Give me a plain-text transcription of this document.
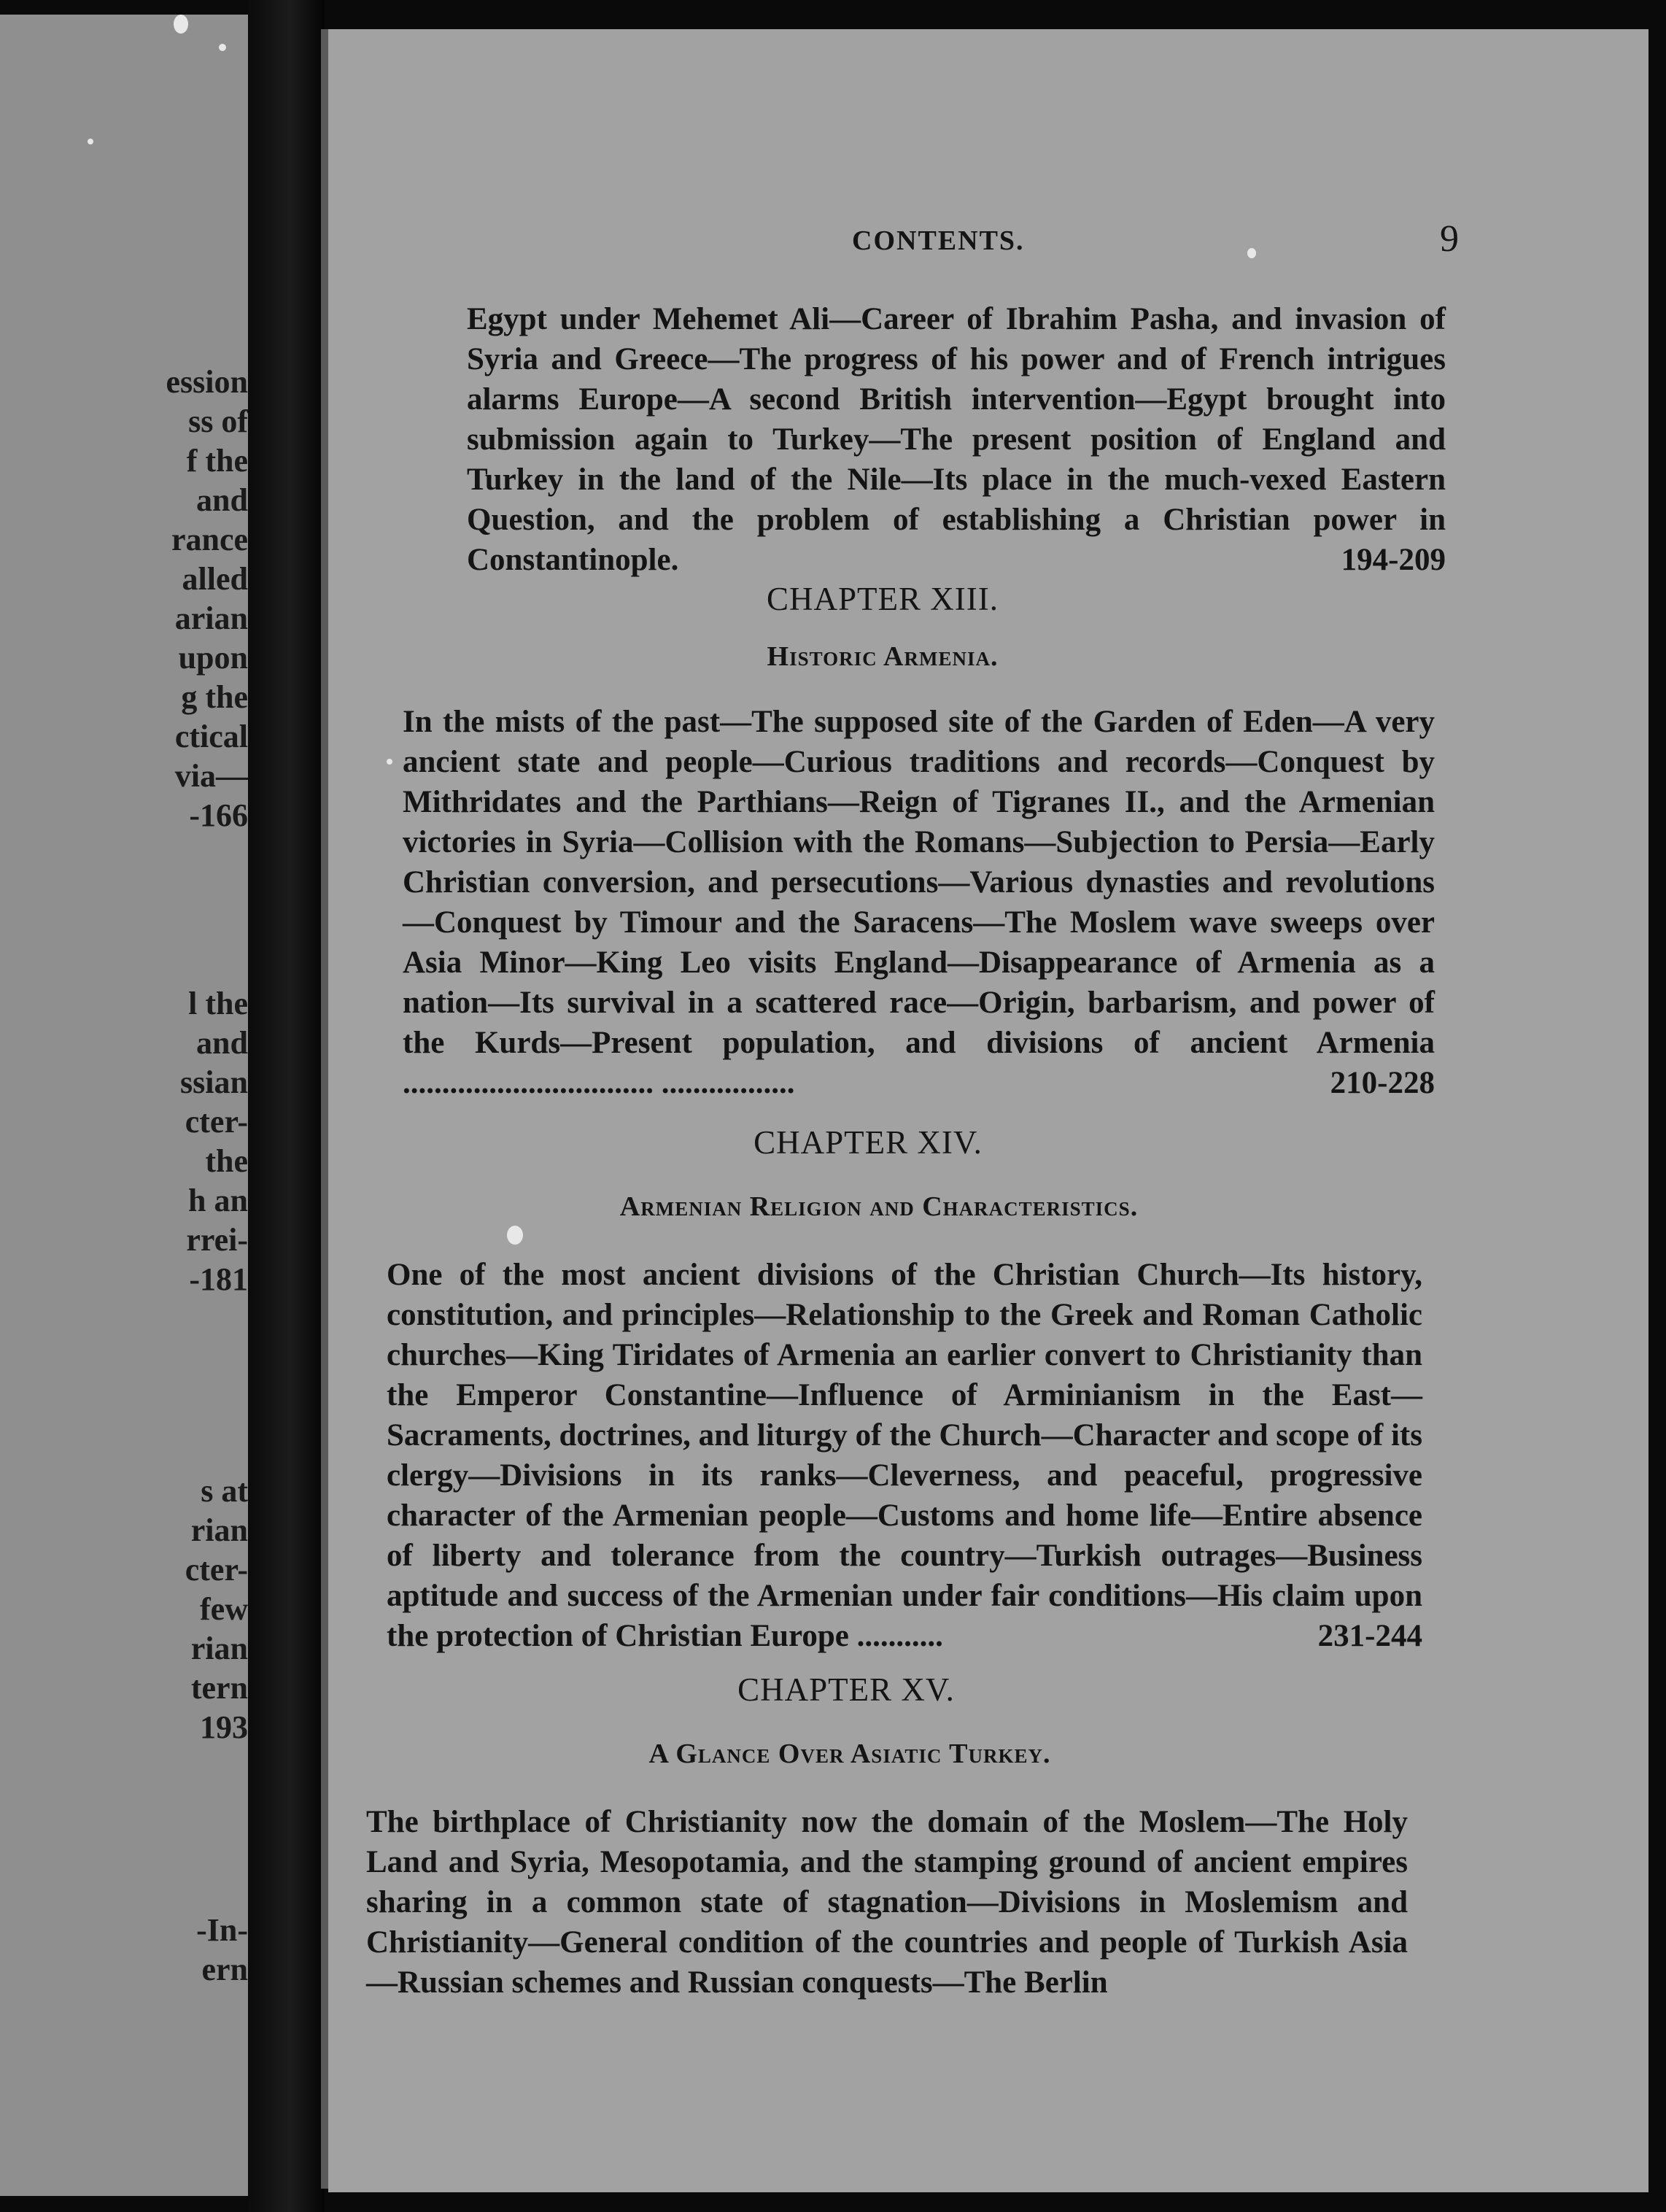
ession
ss of
f the
and
rance
alled
arian
upon
g the
ctical
via—
-166
l the
and
ssian
cter-
the
h an
rrei-
-181
s at
rian
cter-
few
rian
tern
193
-In-
ern
CONTENTS.	9

Egypt under Mehemet Ali—Career of Ibrahim Pasha, and invasion of Syria and Greece—The progress of his power and of French intrigues alarms Europe—A second British intervention—Egypt brought into submission again to Turkey—The present position of England and Turkey in the land of the Nile—Its place in the much-vexed Eastern Question, and the problem of establishing a Christian power in Constantinople.	194-209

CHAPTER XIII.
Historic Armenia.

In the mists of the past—The supposed site of the Garden of Eden—A very ancient state and people—Curious traditions and records—Conquest by Mithridates and the Parthians—Reign of Tigranes II., and the Armenian victories in Syria—Collision with the Romans—Subjection to Persia—Early Christian conversion, and persecutions—Various dynasties and revolutions—Conquest by Timour and the Saracens—The Moslem wave sweeps over Asia Minor—King Leo visits England—Disappearance of Armenia as a nation—Its survival in a scattered race—Origin, barbarism, and power of the Kurds—Present population, and divisions of ancient Armenia ................................ .................	210-228

CHAPTER XIV.
Armenian Religion and Characteristics.

One of the most ancient divisions of the Christian Church—Its history, constitution, and principles—Relationship to the Greek and Roman Catholic churches—King Tiridates of Armenia an earlier convert to Christianity than the Emperor Constantine—Influence of Arminianism in the East—Sacraments, doctrines, and liturgy of the Church—Character and scope of its clergy—Divisions in its ranks—Cleverness, and peaceful, progressive character of the Armenian people—Customs and home life—Entire absence of liberty and tolerance from the country—Turkish outrages—Business aptitude and success of the Armenian under fair conditions—His claim upon the protection of Christian Europe ...........	231-244

CHAPTER XV.
A Glance Over Asiatic Turkey.

The birthplace of Christianity now the domain of the Moslem—The Holy Land and Syria, Mesopotamia, and the stamping ground of ancient empires sharing in a common state of stagnation—Divisions in Moslemism and Christianity—General condition of the countries and people of Turkish Asia—Russian schemes and Russian conquests—The Berlin
